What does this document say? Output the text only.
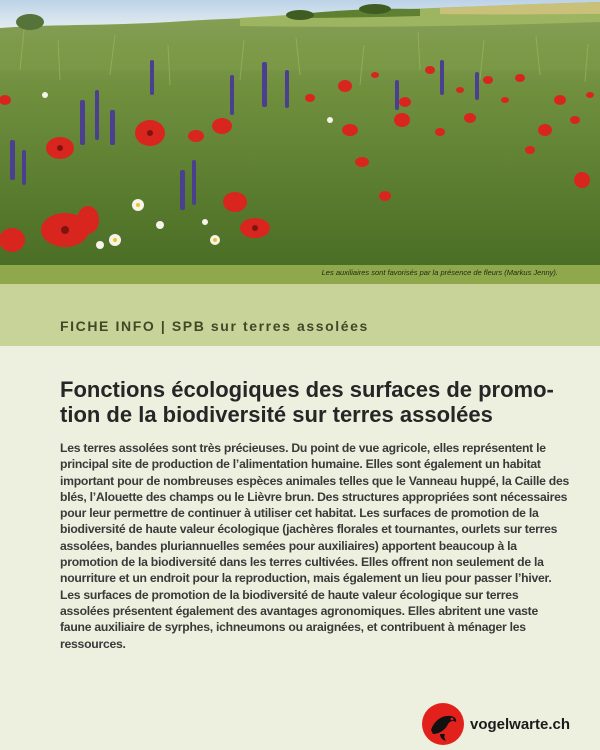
Les auxiliaires sont favorisés par la présence de fleurs (Markus Jenny).
FICHE INFO | SPB sur terres assolées
Fonctions écologiques des surfaces de promo-tion de la biodiversité sur terres assolées

Les terres assolées sont très précieuses. Du point de vue agricole, elles représentent le principal site de production de l’alimentation humaine. Elles sont également un habitat important pour de nombreuses espèces animales telles que le Vanneau huppé, la Caille des blés, l’Alouette des champs ou le Lièvre brun. Des structures appropriées sont nécessaires pour leur permettre de continuer à utiliser cet habitat. Les surfaces de promotion de la biodiversité de haute valeur écologique (jachères florales et tournantes, ourlets sur terres assolées, bandes pluriannuelles semées pour auxiliaires) apportent beaucoup à la promotion de la biodiversité dans les terres cultivées. Elles offrent non seulement de la nourriture et un endroit pour la reproduction, mais également un lieu pour passer l’hiver. Les surfaces de promotion de la biodiversité de haute valeur écologique sur terres assolées présentent également des avantages agronomiques. Elles abritent une vaste faune auxiliaire de syrphes, ichneumons ou araignées, et contribuent à ménager les ressources.

vogelwarte.ch
